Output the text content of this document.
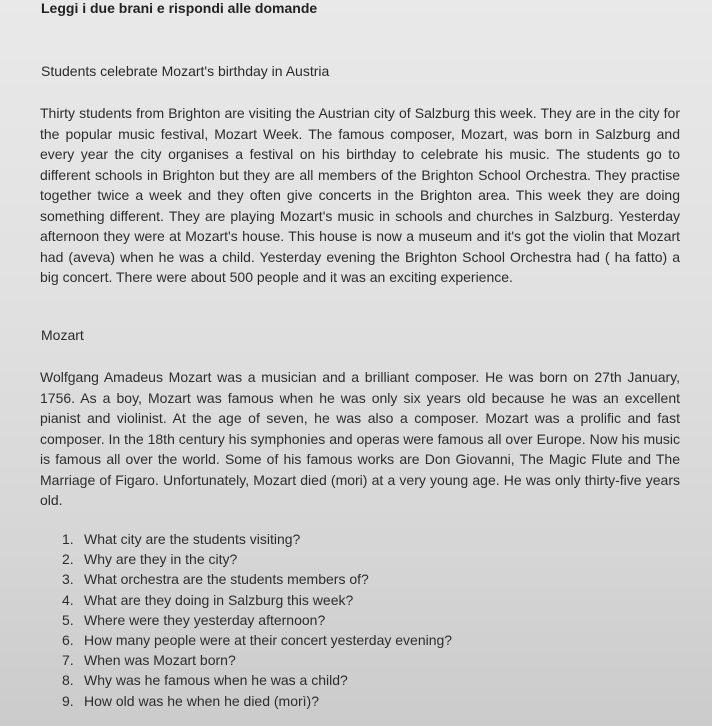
Leggi i due brani e rispondi alle domande
Students celebrate Mozart's birthday in Austria

Thirty students from Brighton are visiting the Austrian city of Salzburg this week. They are in the city for the popular music festival, Mozart Week. The famous composer, Mozart, was born in Salzburg and every year the city organises a festival on his birthday to celebrate his music. The students go to different schools in Brighton but they are all members of the Brighton School Orchestra. They practise together twice a week and they often give concerts in the Brighton area. This week they are doing something different. They are playing Mozart's music in schools and churches in Salzburg. Yesterday afternoon they were at Mozart's house. This house is now a museum and it's got the violin that Mozart had (aveva) when he was a child. Yesterday evening the Brighton School Orchestra had ( ha fatto) a big concert. There were about 500 people and it was an exciting experience.

Mozart

Wolfgang Amadeus Mozart was a musician and a brilliant composer. He was born on 27th January, 1756. As a boy, Mozart was famous when he was only six years old because he was an excellent pianist and violinist. At the age of seven, he was also a composer. Mozart was a prolific and fast composer. In the 18th century his symphonies and operas were famous all over Europe. Now his music is famous all over the world. Some of his famous works are Don Giovanni, The Magic Flute and The Marriage of Figaro. Unfortunately, Mozart died (mori) at a very young age. He was only thirty-five years old.

1. What city are the students visiting?
2. Why are they in the city?
3. What orchestra are the students members of?
4. What are they doing in Salzburg this week?
5. Where were they yesterday afternoon?
6. How many people were at their concert yesterday evening?
7. When was Mozart born?
8. Why was he famous when he was a child?
9. How old was he when he died (morì)?
